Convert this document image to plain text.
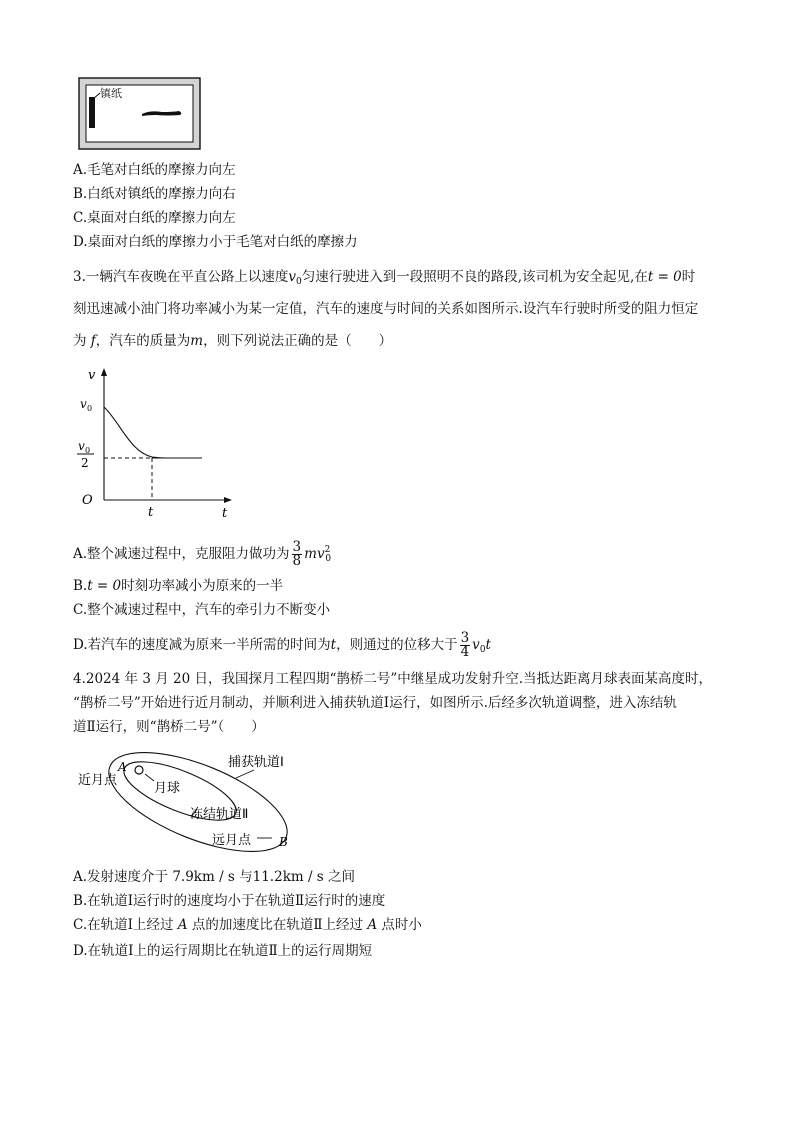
镇纸
A.毛笔对白纸的摩擦力向左
B.白纸对镇纸的摩擦力向右
C.桌面对白纸的摩擦力向左
D.桌面对白纸的摩擦力小于毛笔对白纸的摩擦力
3.一辆汽车夜晚在平直公路上以速度$v_0$匀速行驶进入到一段照明不良的路段,该司机为安全起见,在t = 0时
刻迅速减小油门将功率减小为某一定值，汽车的速度与时间的关系如图所示.设汽车行驶时所受的阻力恒定
为 f，汽车的质量为m，则下列说法正确的是（　　）
v
t
O
v 0
v 0
2
t
A.整个减速过程中，克服阻力做功为 $\frac{3}{8} mv^2_0$
B.t = 0时刻功率减小为原来的一半
C.整个减速过程中，汽车的牵引力不断变小
D.若汽车的速度减为原来一半所需的时间为t，则通过的位移大于 $\frac{3}{4} v_0t$
4.2024 年 3 月 20 日，我国探月工程四期“鹊桥二号”中继星成功发射升空.当抵达距离月球表面某高度时，
“鹊桥二号”开始进行近月制动，并顺利进入捕获轨道Ⅰ运行，如图所示.后经多次轨道调整，进入冻结轨
道Ⅱ运行，则“鹊桥二号”（　　）
A
近月点
月球
捕获轨道Ⅰ
冻结轨道Ⅱ
远月点 B
A.发射速度介于 7.9km / s 与11.2km / s 之间
B.在轨道Ⅰ运行时的速度均小于在轨道Ⅱ运行时的速度
C.在轨道Ⅰ上经过 A 点的加速度比在轨道Ⅱ上经过 A 点时小
D.在轨道Ⅰ上的运行周期比在轨道Ⅱ上的运行周期短
